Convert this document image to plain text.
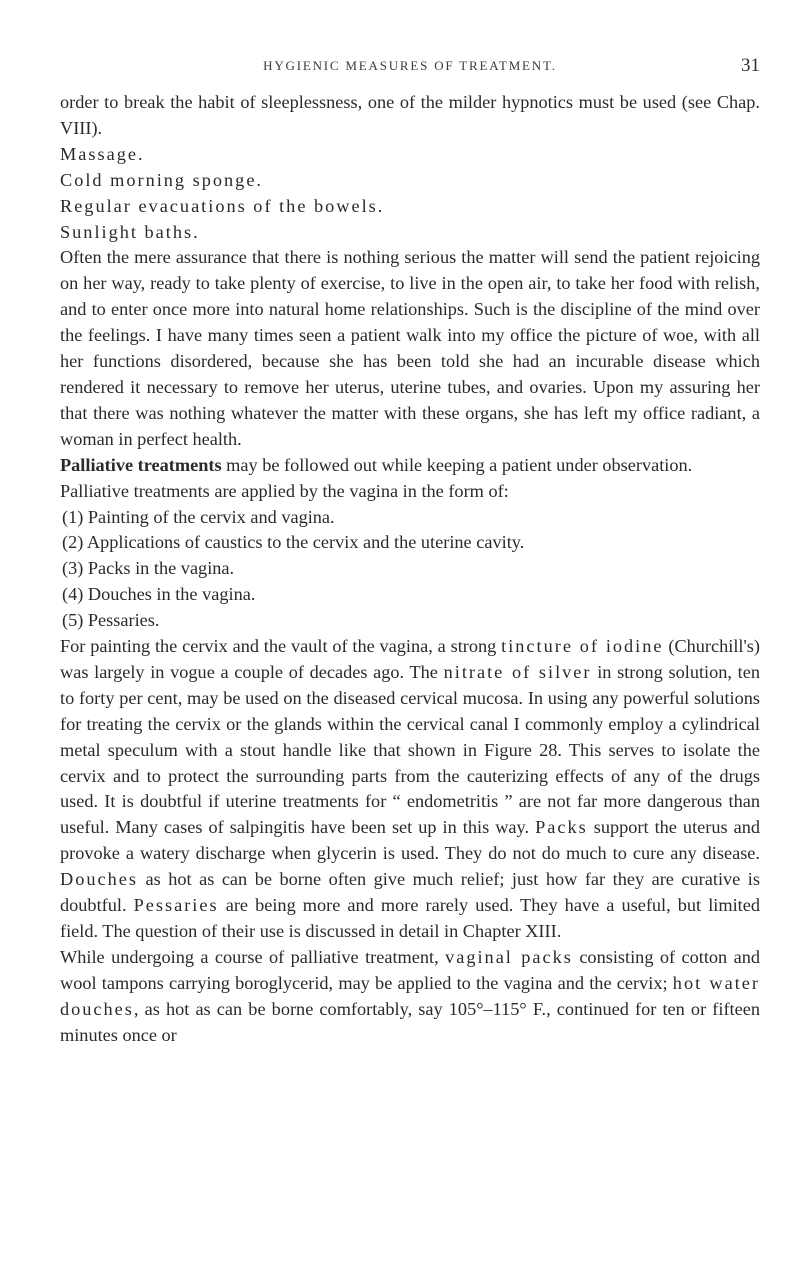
HYGIENIC MEASURES OF TREATMENT.	31

order to break the habit of sleeplessness, one of the milder hypnotics must be used (see Chap. VIII).

Massage.

Cold morning sponge.

Regular evacuations of the bowels.

Sunlight baths.

Often the mere assurance that there is nothing serious the matter will send the patient rejoicing on her way, ready to take plenty of exercise, to live in the open air, to take her food with relish, and to enter once more into natural home relationships. Such is the discipline of the mind over the feelings. I have many times seen a patient walk into my office the picture of woe, with all her functions disordered, because she has been told she had an incurable disease which rendered it necessary to remove her uterus, uterine tubes, and ovaries. Upon my assuring her that there was nothing whatever the matter with these organs, she has left my office radiant, a woman in perfect health.

Palliative treatments may be followed out while keeping a patient under observation.

Palliative treatments are applied by the vagina in the form of:

(1) Painting of the cervix and vagina.

(2) Applications of caustics to the cervix and the uterine cavity.

(3) Packs in the vagina.

(4) Douches in the vagina.

(5) Pessaries.

For painting the cervix and the vault of the vagina, a strong tincture of iodine (Churchill's) was largely in vogue a couple of decades ago. The nitrate of silver in strong solution, ten to forty per cent, may be used on the diseased cervical mucosa. In using any powerful solutions for treating the cervix or the glands within the cervical canal I commonly employ a cylindrical metal speculum with a stout handle like that shown in Figure 28. This serves to isolate the cervix and to protect the surrounding parts from the cauterizing effects of any of the drugs used. It is doubtful if uterine treatments for “ endometritis ” are not far more dangerous than useful. Many cases of salpingitis have been set up in this way. Packs support the uterus and provoke a watery discharge when glycerin is used. They do not do much to cure any disease. Douches as hot as can be borne often give much relief; just how far they are curative is doubtful. Pessaries are being more and more rarely used. They have a useful, but limited field. The question of their use is discussed in detail in Chapter XIII.

While undergoing a course of palliative treatment, vaginal packs consisting of cotton and wool tampons carrying boroglycerid, may be applied to the vagina and the cervix; hot water douches, as hot as can be borne comfortably, say 105°–115° F., continued for ten or fifteen minutes once or
